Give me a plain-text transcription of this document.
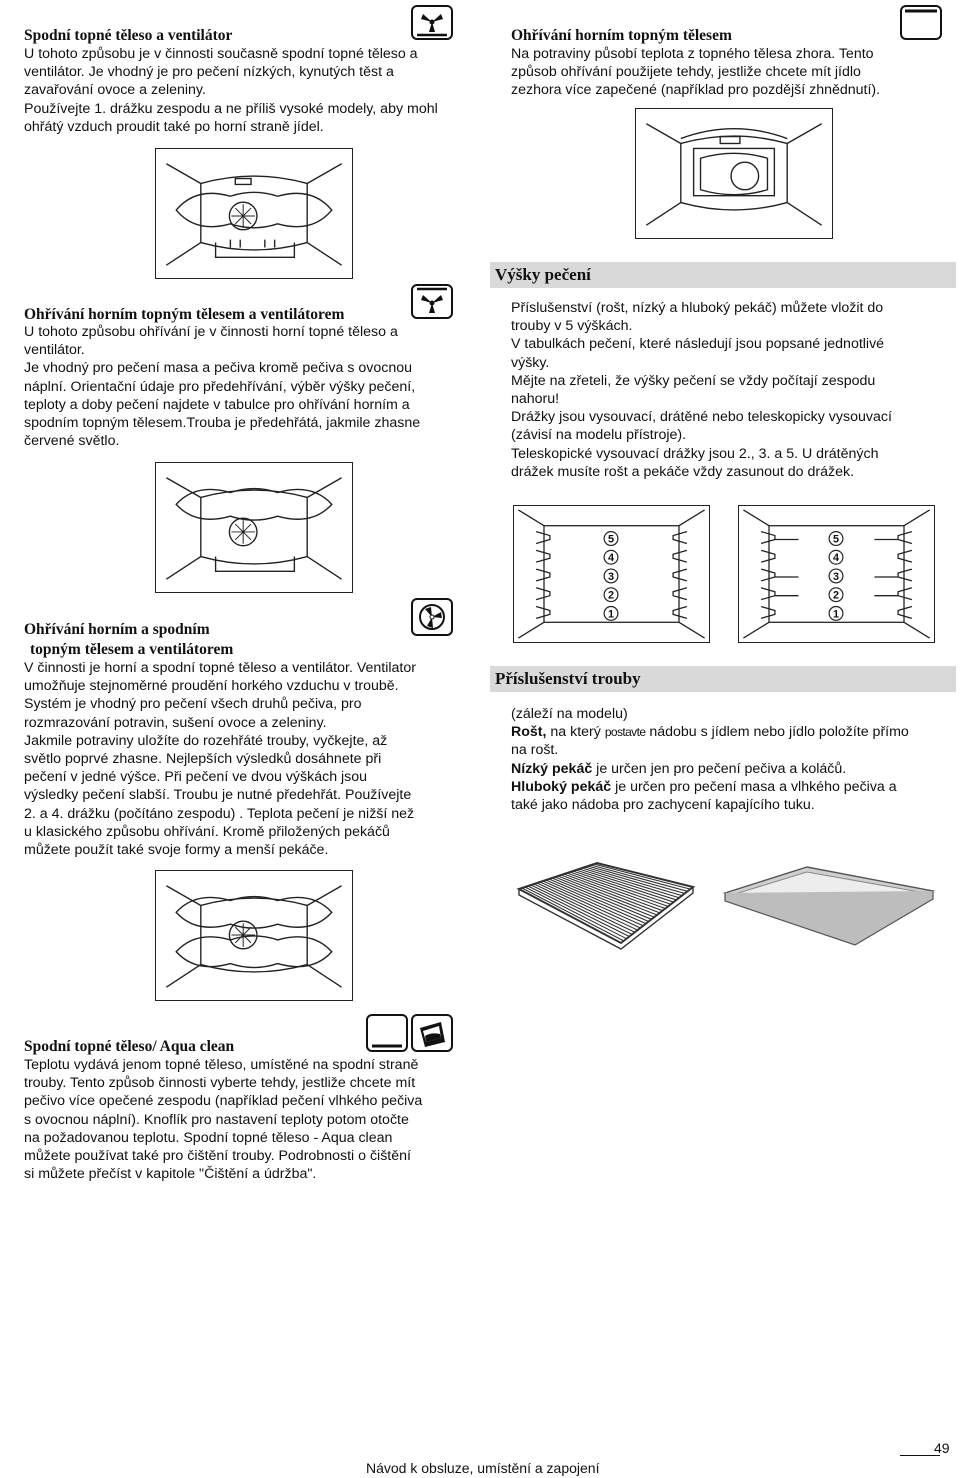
Spodní topné těleso a ventilátor

U tohoto způsobu je v činnosti současně spodní topné těleso a

ventilátor. Je vhodný je pro pečení nízkých, kynutých těst a

zavařování ovoce a zeleniny.

Používejte 1. drážku zespodu a ne příliš vysoké modely, aby mohl

ohřátý vzduch proudit také po horní straně jídel.

Ohřívání horním topným tělesem

Na potraviny působí teplota z topného tělesa zhora. Tento

způsob ohřívání použijete tehdy, jestliže chcete mít jídlo

zezhora více zapečené (například pro pozdější zhnědnutí).

Ohřívání horním topným tělesem a ventilátorem

U tohoto způsobu ohřívání je v činnosti horní topné těleso a

ventilátor.

Je vhodný pro pečení masa a pečiva kromě pečiva s ovocnou

náplní. Orientační údaje pro předehřívání, výběr výšky pečení,

teploty a doby pečení najdete v tabulce pro ohřívání horním a

spodním topným tělesem.Trouba je předehřátá, jakmile zhasne

červené světlo.

Výšky pečení

Příslušenství (rošt, nízký a hluboký pekáč) můžete vložit do

trouby v 5 výškách.

V tabulkách pečení, které následují jsou popsané jednotlivé

výšky.

Mějte na zřeteli, že výšky pečení se vždy počítají zespodu

nahoru!

Drážky jsou vysouvací, drátěné nebo teleskopicky vysouvací

(závisí na modelu přístroje).

Teleskopické vysouvací drážky jsou 2., 3. a 5. U drátěných

drážek musíte rošt a pekáče vždy zasunout do drážek.

5
4
3
2
1
5
4
3
2
1
Ohřívání horním a spodním
topným tělesem a ventilátorem

V činnosti je horní a spodní topné těleso a ventilátor. Ventilator

umožňuje stejnoměrné proudění horkého vzduchu v troubě.

Systém je vhodný pro pečení všech druhů pečiva, pro

rozmrazování potravin, sušení ovoce a zeleniny.

Jakmile potraviny uložíte do rozehřáté trouby, vyčkejte, až

světlo poprvé zhasne. Nejlepších výsledků dosáhnete při

pečení v jedné výšce. Při pečení ve dvou výškách jsou

výsledky pečení slabší. Troubu je nutné předehřát. Používejte

2. a 4. drážku (počítáno zespodu) . Teplota pečení je nižší než

u klasického způsobu ohřívání. Kromě přiložených pekáčů

můžete použít také svoje formy a menší pekáče.

Příslušenství trouby

(záleží na modelu)

Rošt, na který postavte nádobu s jídlem nebo jídlo položíte přímo

na rošt.

Nízký pekáč je určen jen pro pečení pečiva a koláčů.

Hluboký pekáč je určen pro pečení masa a vlhkého pečiva a

také jako nádoba pro zachycení kapajícího tuku.

Spodní topné těleso/ Aqua clean

Teplotu vydává jenom topné těleso, umístěné na spodní straně

trouby. Tento způsob činnosti vyberte tehdy, jestliže chcete mít

pečivo více opečené zespodu (například pečení vlhkého pečiva

s ovocnou náplní). Knoflík pro nastavení teploty potom otočte

na požadovanou teplotu. Spodní topné těleso - Aqua clean

můžete používat také pro čištění trouby. Podrobnosti o čištění

si můžete přečíst v kapitole "Čištění a údržba".

Návod k obsluze, umístění a zapojení
49
